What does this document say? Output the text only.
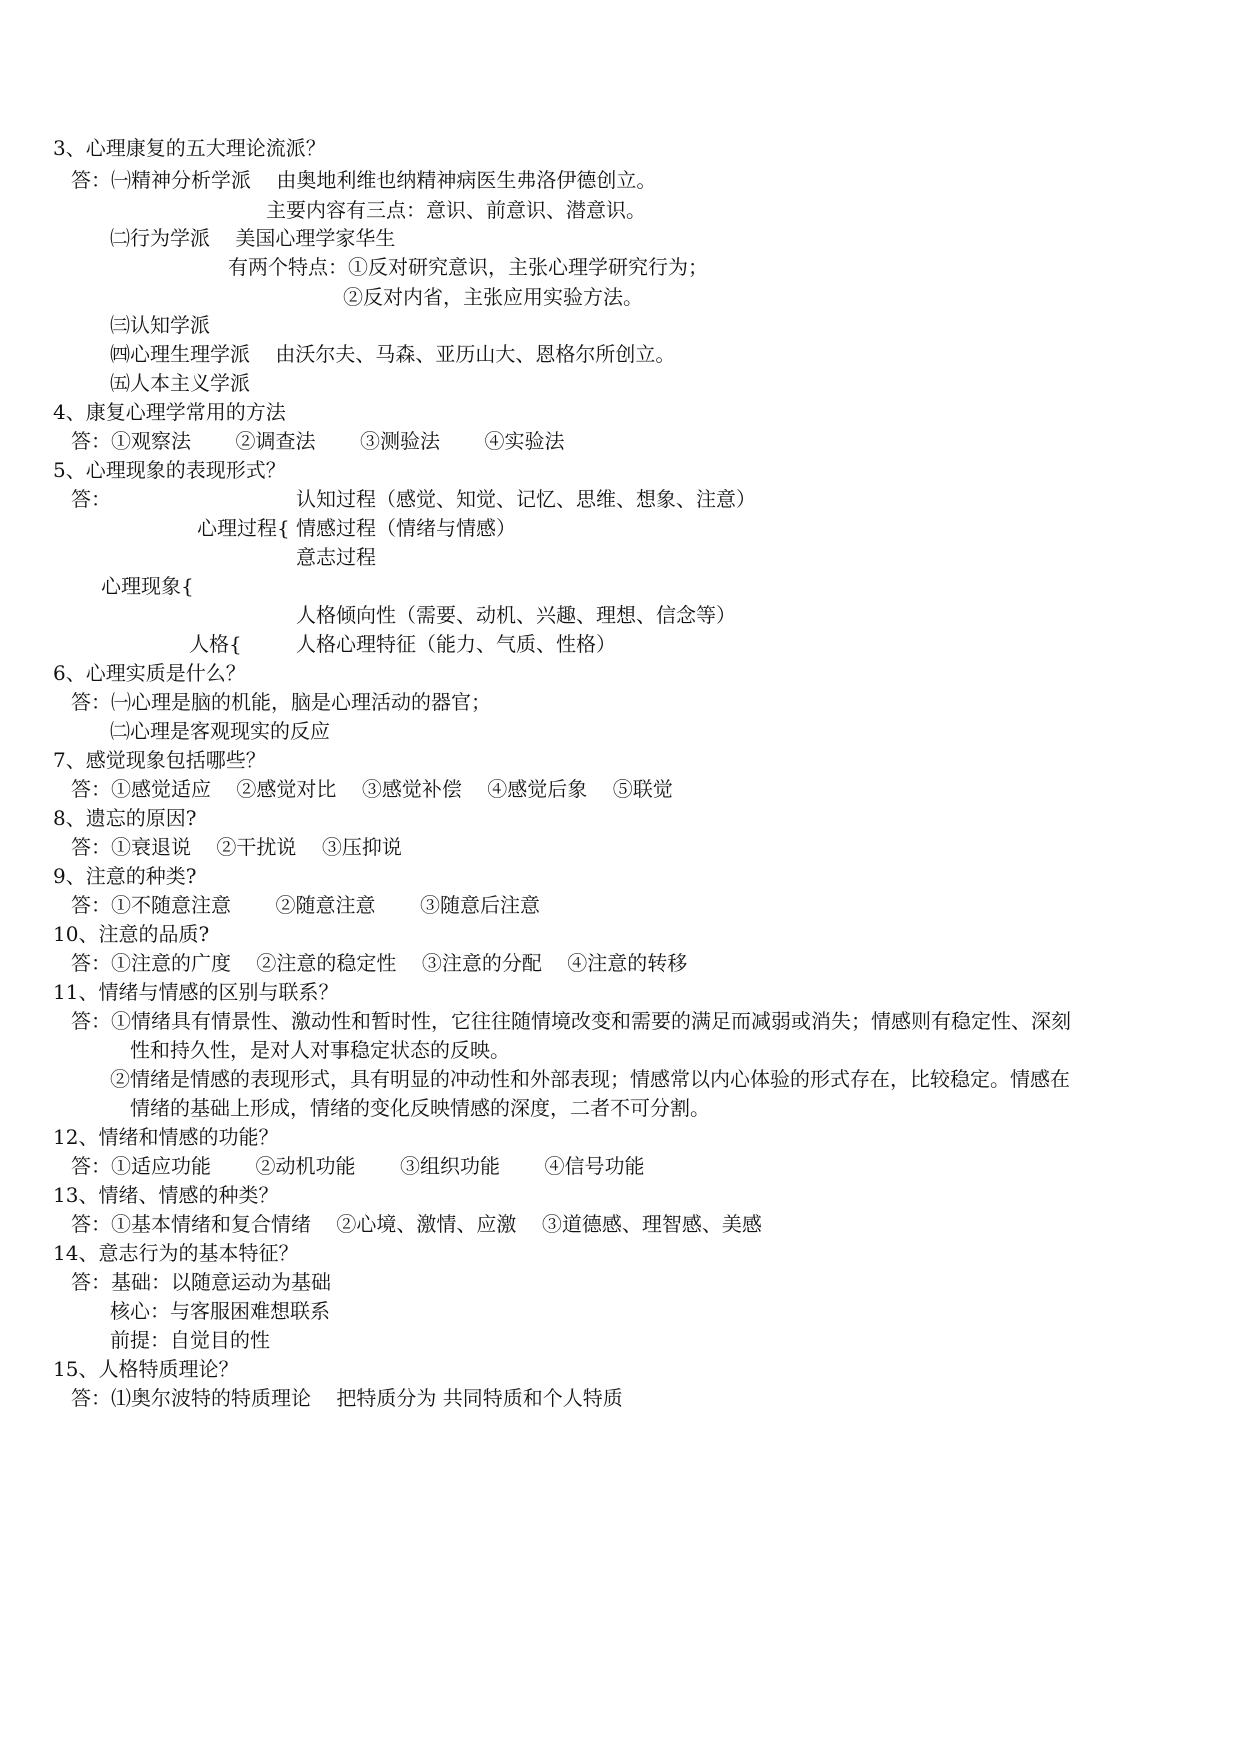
3、心理康复的五大理论流派？
答：㈠精神分析学派    由奥地利维也纳精神病医生弗洛伊德创立。
主要内容有三点：意识、前意识、潜意识。
㈡行为学派    美国心理学家华生
有两个特点：①反对研究意识，主张心理学研究行为；
②反对内省，主张应用实验方法。
㈢认知学派
㈣心理生理学派    由沃尔夫、马森、亚历山大、恩格尔所创立。
㈤人本主义学派
4、康复心理学常用的方法
答：①观察法       ②调查法       ③测验法       ④实验法
5、心理现象的表现形式？
答：	认知过程（感觉、知觉、记忆、思维、想象、注意）
心理过程{ 情感过程（情绪与情感）
意志过程
心理现象{
人格倾向性（需要、动机、兴趣、理想、信念等）
人格{	人格心理特征（能力、气质、性格）
6、心理实质是什么？
答：㈠心理是脑的机能，脑是心理活动的器官；
㈡心理是客观现实的反应
7、感觉现象包括哪些？
答：①感觉适应    ②感觉对比    ③感觉补偿    ④感觉后象    ⑤联觉
8、遗忘的原因?
答：①衰退说    ②干扰说    ③压抑说
9、注意的种类?
答：①不随意注意       ②随意注意       ③随意后注意
10、注意的品质?
答：①注意的广度    ②注意的稳定性    ③注意的分配    ④注意的转移
11、情绪与情感的区别与联系？
答：①情绪具有情景性、激动性和暂时性，它往往随情境改变和需要的满足而减弱或消失；情感则有稳定性、深刻
性和持久性，是对人对事稳定状态的反映。
②情绪是情感的表现形式，具有明显的冲动性和外部表现；情感常以内心体验的形式存在，比较稳定。情感在
情绪的基础上形成，情绪的变化反映情感的深度，二者不可分割。
12、情绪和情感的功能？
答：①适应功能       ②动机功能       ③组织功能       ④信号功能
13、情绪、情感的种类？
答：①基本情绪和复合情绪    ②心境、激情、应激    ③道德感、理智感、美感
14、意志行为的基本特征？
答：基础：以随意运动为基础
核心：与客服困难想联系
前提：自觉目的性
15、人格特质理论？
答：⑴奥尔波特的特质理论    把特质分为 共同特质和个人特质
